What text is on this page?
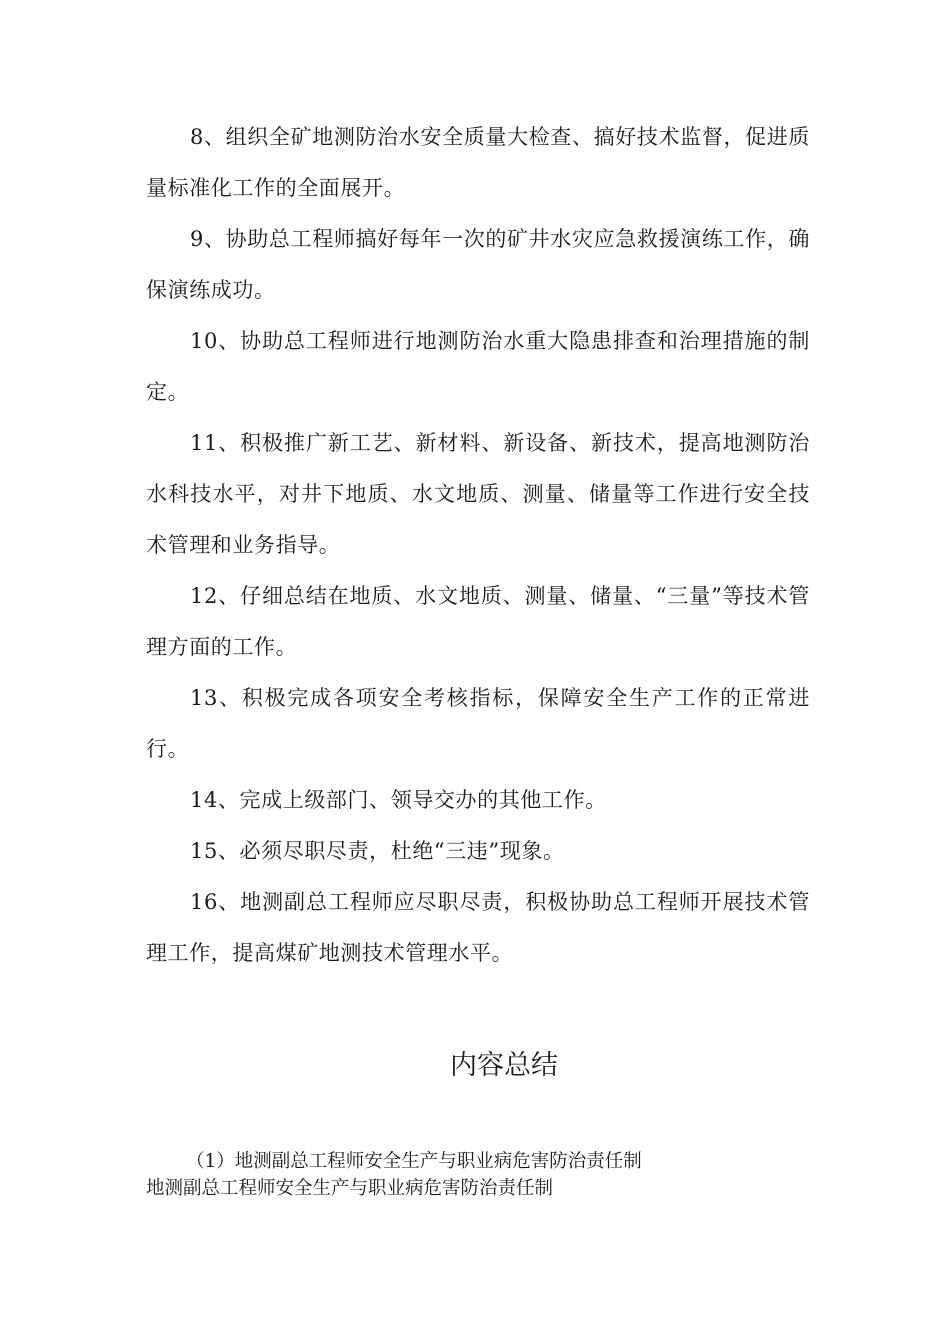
8、组织全矿地测防治水安全质量大检查、搞好技术监督，促进质量标准化工作的全面展开。

9、协助总工程师搞好每年一次的矿井水灾应急救援演练工作，确保演练成功。

10、协助总工程师进行地测防治水重大隐患排查和治理措施的制定。

11、积极推广新工艺、新材料、新设备、新技术，提高地测防治水科技水平，对井下地质、水文地质、测量、储量等工作进行安全技术管理和业务指导。

12、仔细总结在地质、水文地质、测量、储量、“三量”等技术管理方面的工作。

13、积极完成各项安全考核指标，保障安全生产工作的正常进行。

14、完成上级部门、领导交办的其他工作。

15、必须尽职尽责，杜绝“三违”现象。

16、地测副总工程师应尽职尽责，积极协助总工程师开展技术管理工作，提高煤矿地测技术管理水平。

内容总结

（1）地测副总工程师安全生产与职业病危害防治责任制

地测副总工程师安全生产与职业病危害防治责任制
